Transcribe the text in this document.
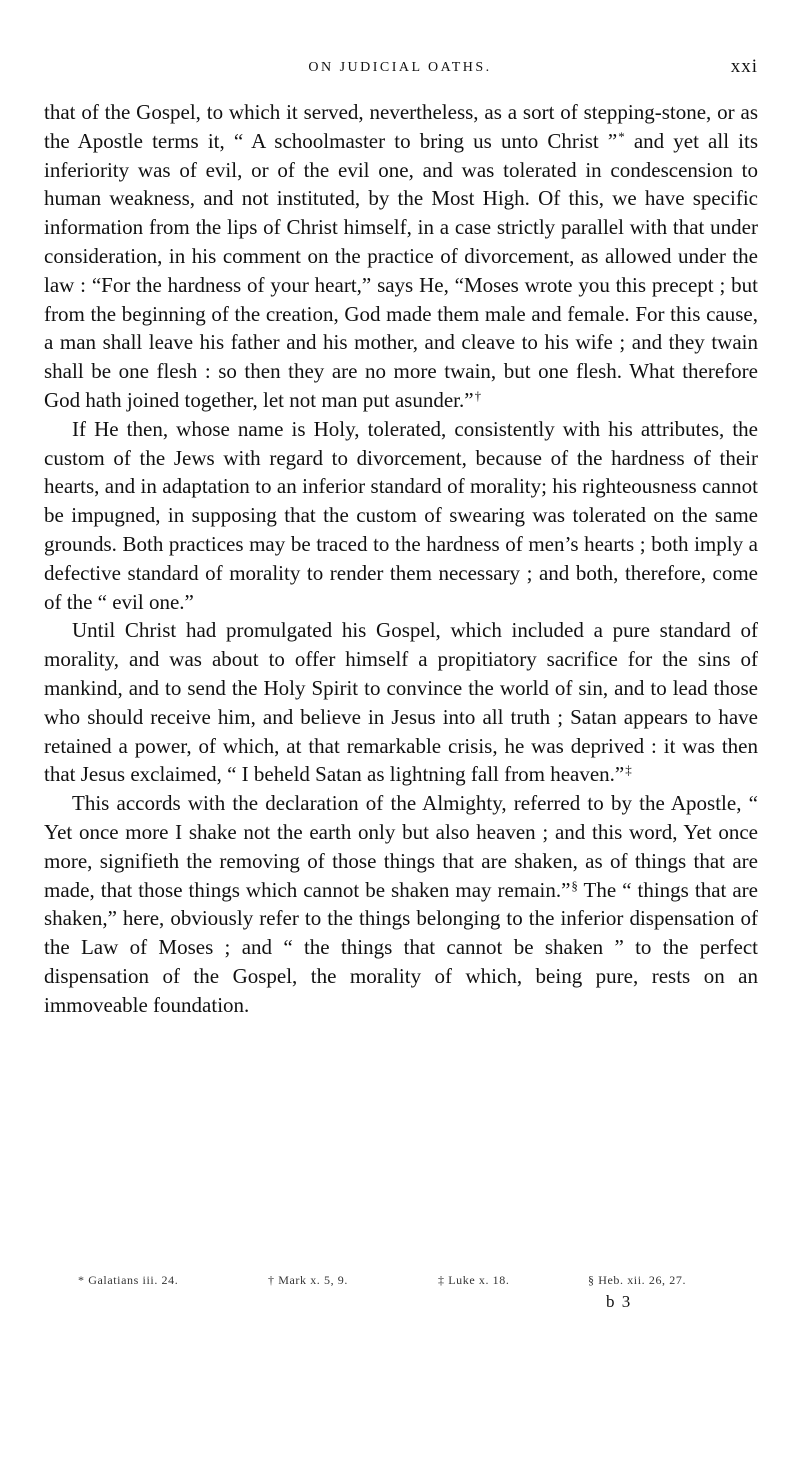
ON JUDICIAL OATHS.	xxi

that of the Gospel, to which it served, nevertheless, as a sort of stepping-stone, or as the Apostle terms it, “ A schoolmaster to bring us unto Christ ”* and yet all its inferiority was of evil, or of the evil one, and was tolerated in condescension to human weakness, and not instituted, by the Most High. Of this, we have specific information from the lips of Christ himself, in a case strictly parallel with that under consideration, in his comment on the practice of divorcement, as allowed under the law : “For the hardness of your heart,” says He, “Moses wrote you this precept ; but from the beginning of the creation, God made them male and female. For this cause, a man shall leave his father and his mother, and cleave to his wife ; and they twain shall be one flesh : so then they are no more twain, but one flesh. What therefore God hath joined together, let not man put asunder.”†

If He then, whose name is Holy, tolerated, consistently with his attributes, the custom of the Jews with regard to divorcement, because of the hardness of their hearts, and in adaptation to an inferior standard of morality; his righteousness cannot be impugned, in supposing that the custom of swearing was tolerated on the same grounds. Both practices may be traced to the hardness of men’s hearts ; both imply a defective standard of morality to render them necessary ; and both, therefore, come of the “ evil one.”

Until Christ had promulgated his Gospel, which included a pure standard of morality, and was about to offer himself a propitiatory sacrifice for the sins of mankind, and to send the Holy Spirit to convince the world of sin, and to lead those who should receive him, and believe in Jesus into all truth ; Satan appears to have retained a power, of which, at that remarkable crisis, he was deprived : it was then that Jesus exclaimed, “ I beheld Satan as lightning fall from heaven.”‡

This accords with the declaration of the Almighty, referred to by the Apostle, “ Yet once more I shake not the earth only but also heaven ; and this word, Yet once more, signifieth the removing of those things that are shaken, as of things that are made, that those things which cannot be shaken may remain.”§ The “ things that are shaken,” here, obviously refer to the things belonging to the inferior dispensation of the Law of Moses ; and “ the things that cannot be shaken ” to the perfect dispensation of the Gospel, the morality of which, being pure, rests on an immoveable foundation.

* Galatians iii. 24.	† Mark x. 5, 9.	‡ Luke x. 18.	§ Heb. xii. 26, 27.
b 3
